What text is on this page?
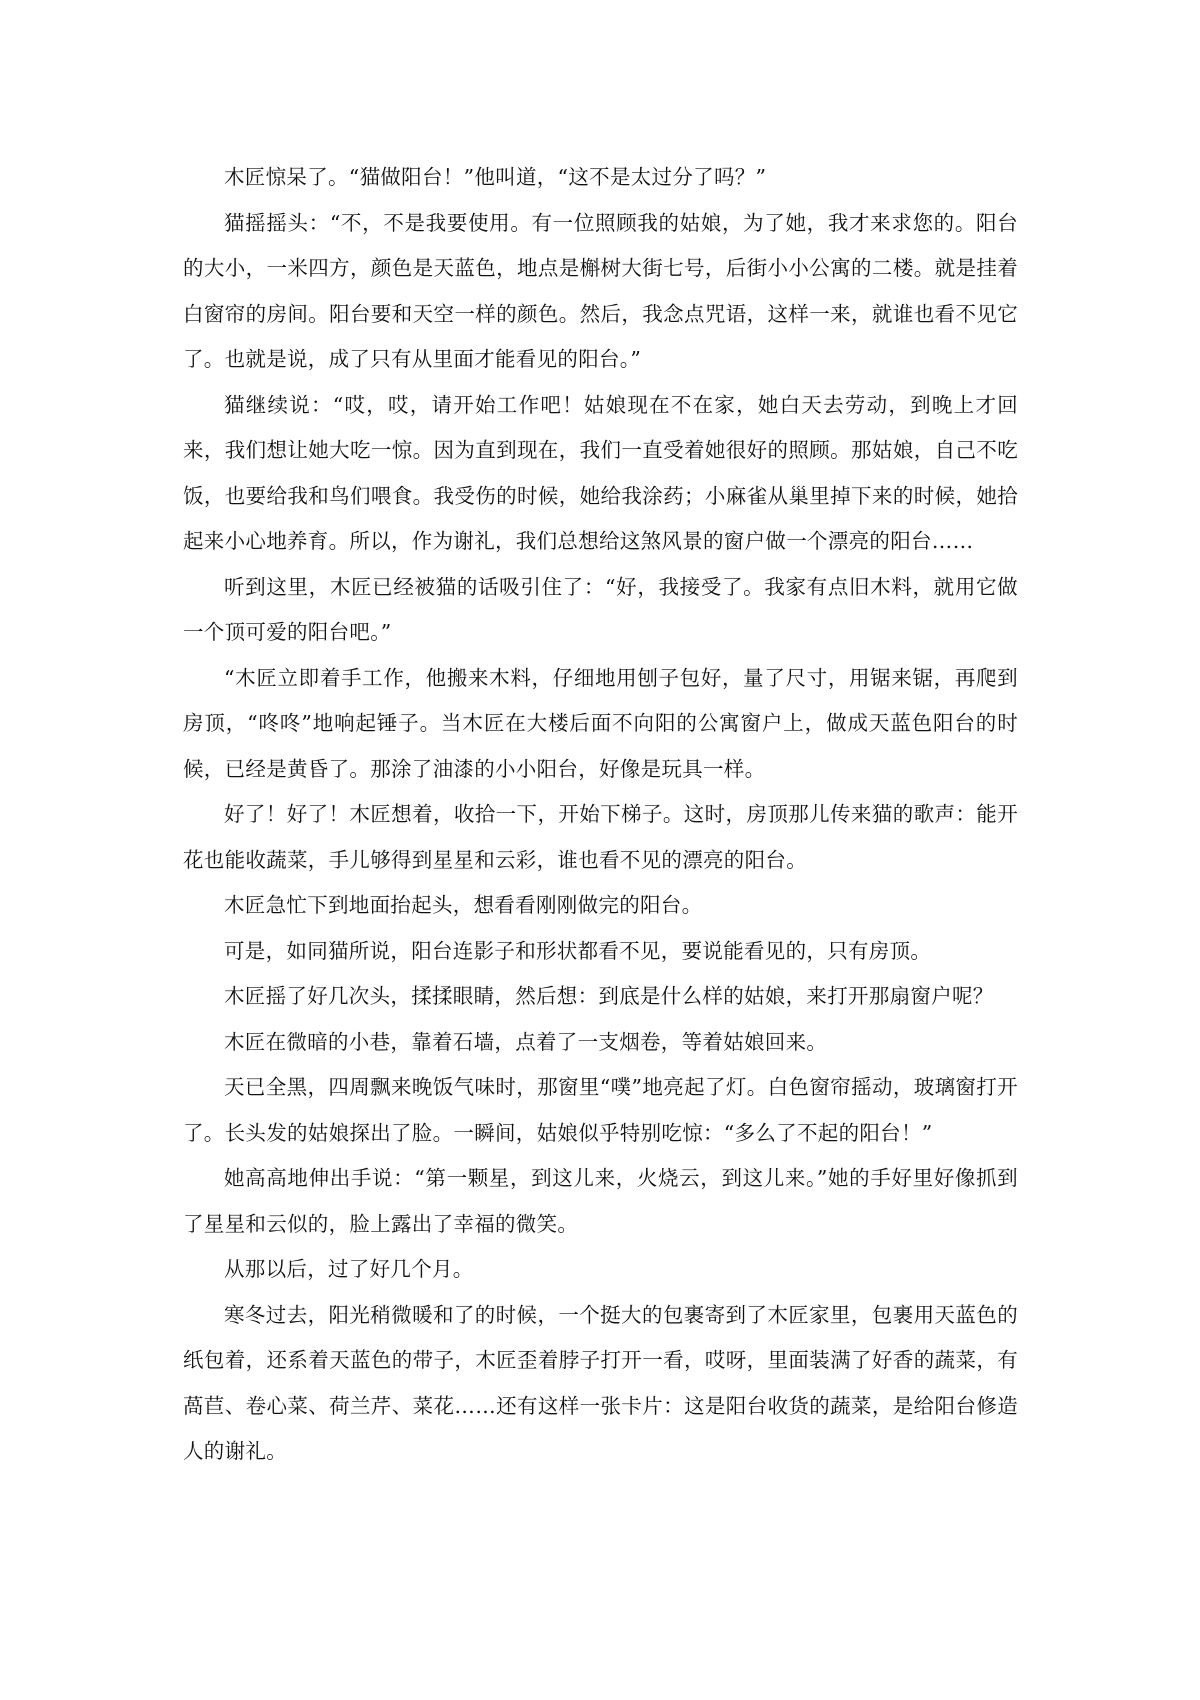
木匠惊呆了。“猫做阳台！”他叫道，“这不是太过分了吗？”

猫摇摇头：“不，不是我要使用。有一位照顾我的姑娘，为了她，我才来求您的。阳台的大小，一米四方，颜色是天蓝色，地点是槲树大街七号，后街小小公寓的二楼。就是挂着白窗帘的房间。阳台要和天空一样的颜色。然后，我念点咒语，这样一来，就谁也看不见它了。也就是说，成了只有从里面才能看见的阳台。”

猫继续说：“哎，哎，请开始工作吧！姑娘现在不在家，她白天去劳动，到晚上才回来，我们想让她大吃一惊。因为直到现在，我们一直受着她很好的照顾。那姑娘，自己不吃饭，也要给我和鸟们喂食。我受伤的时候，她给我涂药；小麻雀从巢里掉下来的时候，她拾起来小心地养育。所以，作为谢礼，我们总想给这煞风景的窗户做一个漂亮的阳台……

听到这里，木匠已经被猫的话吸引住了：“好，我接受了。我家有点旧木料，就用它做一个顶可爱的阳台吧。”

“木匠立即着手工作，他搬来木料，仔细地用刨子包好，量了尺寸，用锯来锯，再爬到房顶，“咚咚”地响起锤子。当木匠在大楼后面不向阳的公寓窗户上，做成天蓝色阳台的时候，已经是黄昏了。那涂了油漆的小小阳台，好像是玩具一样。

好了！好了！木匠想着，收拾一下，开始下梯子。这时，房顶那儿传来猫的歌声：能开花也能收蔬菜，手儿够得到星星和云彩，谁也看不见的漂亮的阳台。

木匠急忙下到地面抬起头，想看看刚刚做完的阳台。

可是，如同猫所说，阳台连影子和形状都看不见，要说能看见的，只有房顶。

木匠摇了好几次头，揉揉眼睛，然后想：到底是什么样的姑娘，来打开那扇窗户呢？

木匠在微暗的小巷，靠着石墙，点着了一支烟卷，等着姑娘回来。

天已全黑，四周飘来晚饭气味时，那窗里“噗”地亮起了灯。白色窗帘摇动，玻璃窗打开了。长头发的姑娘探出了脸。一瞬间，姑娘似乎特别吃惊：“多么了不起的阳台！”

她高高地伸出手说：“第一颗星，到这儿来，火烧云，到这儿来。”她的手好里好像抓到了星星和云似的，脸上露出了幸福的微笑。

从那以后，过了好几个月。

寒冬过去，阳光稍微暖和了的时候，一个挺大的包裹寄到了木匠家里，包裹用天蓝色的纸包着，还系着天蓝色的带子，木匠歪着脖子打开一看，哎呀，里面装满了好香的蔬菜，有萵苣、卷心菜、荷兰芹、菜花……还有这样一张卡片：这是阳台收货的蔬菜，是给阳台修造人的谢礼。
